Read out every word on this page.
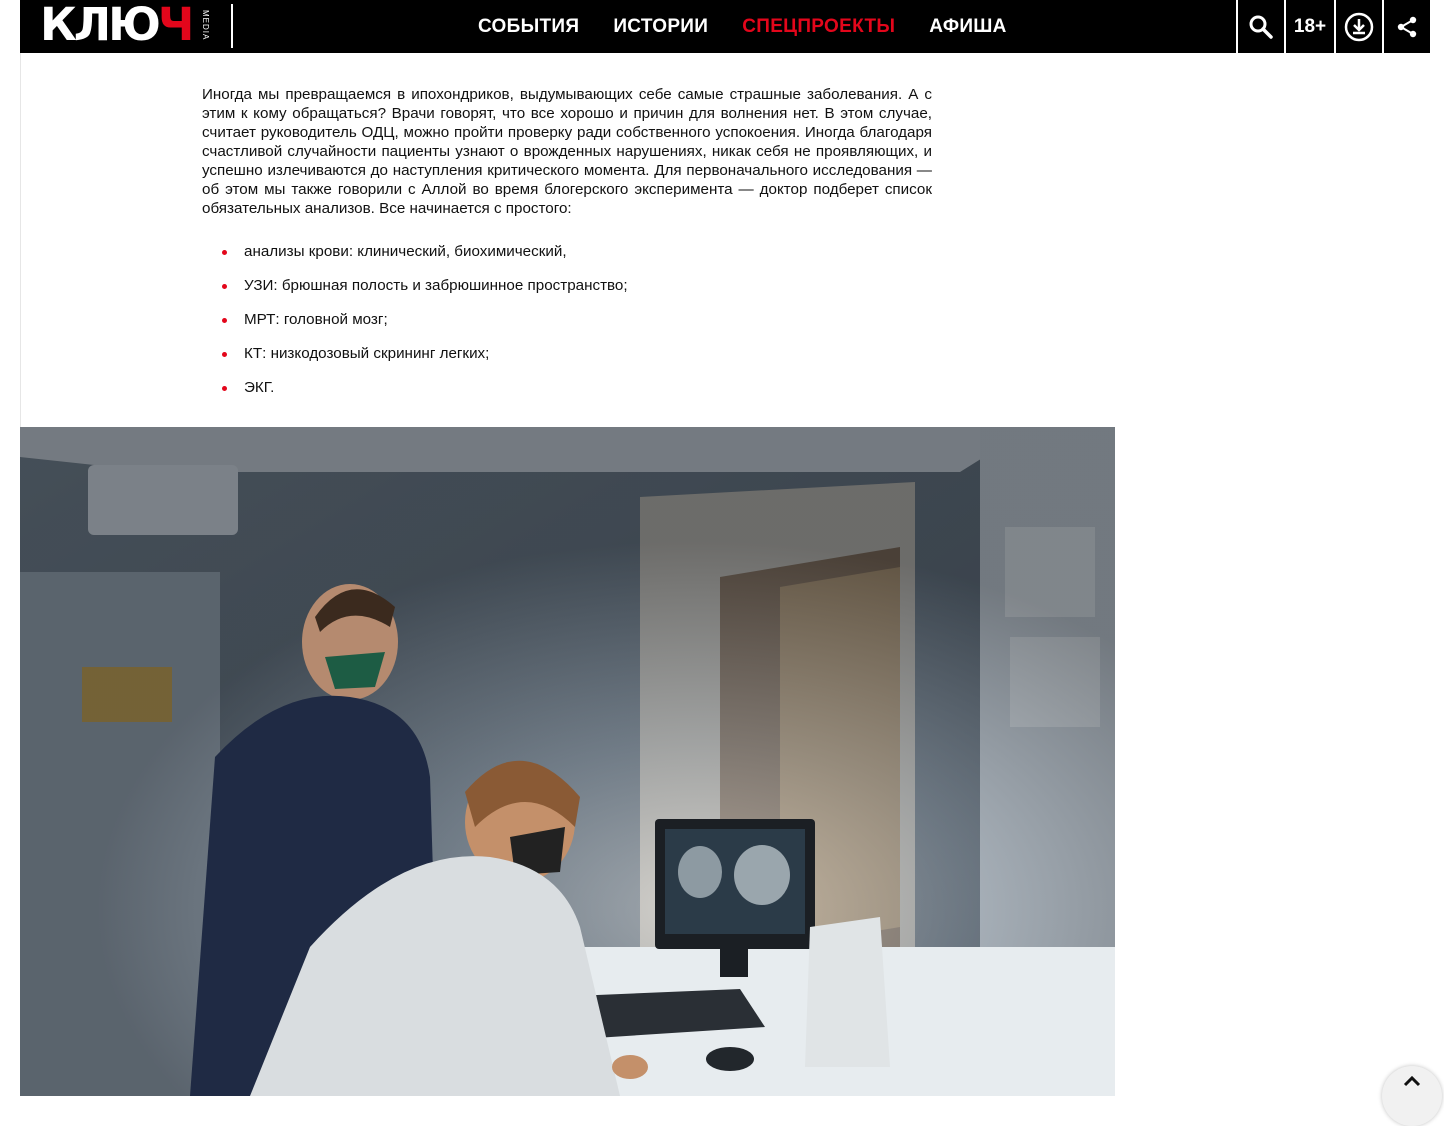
КЛЮЧ MEDIA	СОБЫТИЯ ИСТОРИИ СПЕЦПРОЕКТЫ АФИША	18+

Иногда мы превращаемся в ипохондриков, выдумывающих себе самые страшные заболевания. А с этим к кому обращаться? Врачи говорят, что все хорошо и причин для волнения нет. В этом случае, считает руководитель ОДЦ, можно пройти проверку ради собственного успокоения. Иногда благодаря счастливой случайности пациенты узнают о врожденных нарушениях, никак себя не проявляющих, и успешно излечиваются до наступления критического момента. Для первоначального исследования — об этом мы также говорили с Аллой во время блогерского эксперимента — доктор подберет список обязательных анализов. Все начинается с простого:

анализы крови: клинический, биохимический,
УЗИ: брюшная полость и забрюшинное пространство;
МРТ: головной мозг;
КТ: низкодозовый скрининг легких;
ЭКГ.
